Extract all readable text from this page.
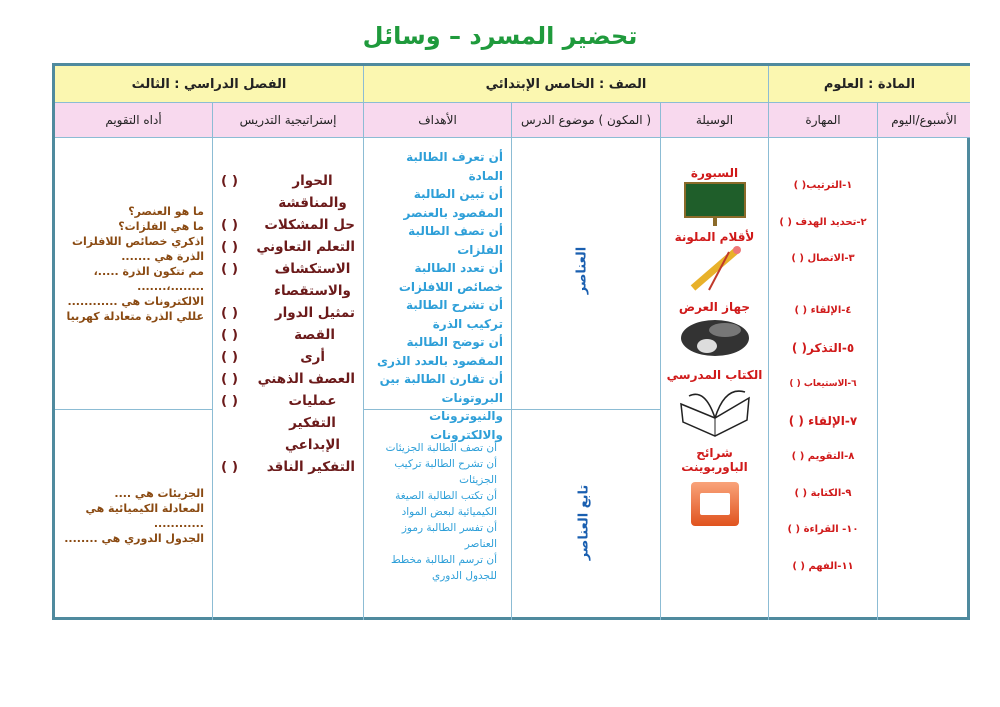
تحضير المسرد – وسائل
المادة : العلوم
الصف : الخامس الإبتدائي
الفصل الدراسي : الثالث
الأسبوع/اليوم
المهارة
الوسيلة
( المكون ) موضوع الدرس
الأهداف
إستراتيجية التدريس
أداه التقويم
١-الترتيب( )
٢-تحديد الهدف ( )
٣-الاتصال ( )
٤-الإلقاء ( )
٥-التذكر( )
٦-الاستيعاب ( )
٧-الإلقاء ( )
٨-التقويم ( )
٩-الكتابة ( )
١٠- القراءة ( )
١١-الفهم ( )
السبورة
لأقلام الملونة
جهاز العرض
الكتاب المدرسي
شرائح الباوربوينت
العناصر
تابع العناصر
أن تعرف الطالبة المادة
أن تبين الطالبة المقصود بالعنصر
أن تصف الطالبة الفلزات
أن تعدد الطالبة خصائص اللافلزات
أن تشرح الطالبة تركيب الذرة
أن توضح الطالبة المقصود بالعدد الذرى
أن تقارن الطالبة بين البروتونات والنيوترونات والالكترونات
أن تصف الطالبة الجزيئات
أن تشرح الطالبة تركيب الجزيئات
أن تكتب الطالبة الصيغة الكيميائية لبعض المواد
أن تفسر الطالبة رموز العناصر
أن ترسم الطالبة مخطط للجدول الدوري
الحوار والمناقشة
( )
حل المشكلات
( )
التعلم التعاوني
( )
الاستكشاف والاستقصاء
( )
تمثيل الدوار
( )
القصة
( )
أرى
( )
العصف الذهني
( )
عمليات التفكير الإبداعي
( )
التفكير الناقد
( )
ما هو العنصر؟
ما هي الفلزات؟
اذكري خصائص اللافلزات
الذرة هي .......
مم تتكون الذرة .....،
........،.......
الالكترونات هي ............
عللي الذرة متعادلة كهربيا
الجزيئات هي ....
المعادلة الكيميائية هي
............
الجدول الدوري هي ........
